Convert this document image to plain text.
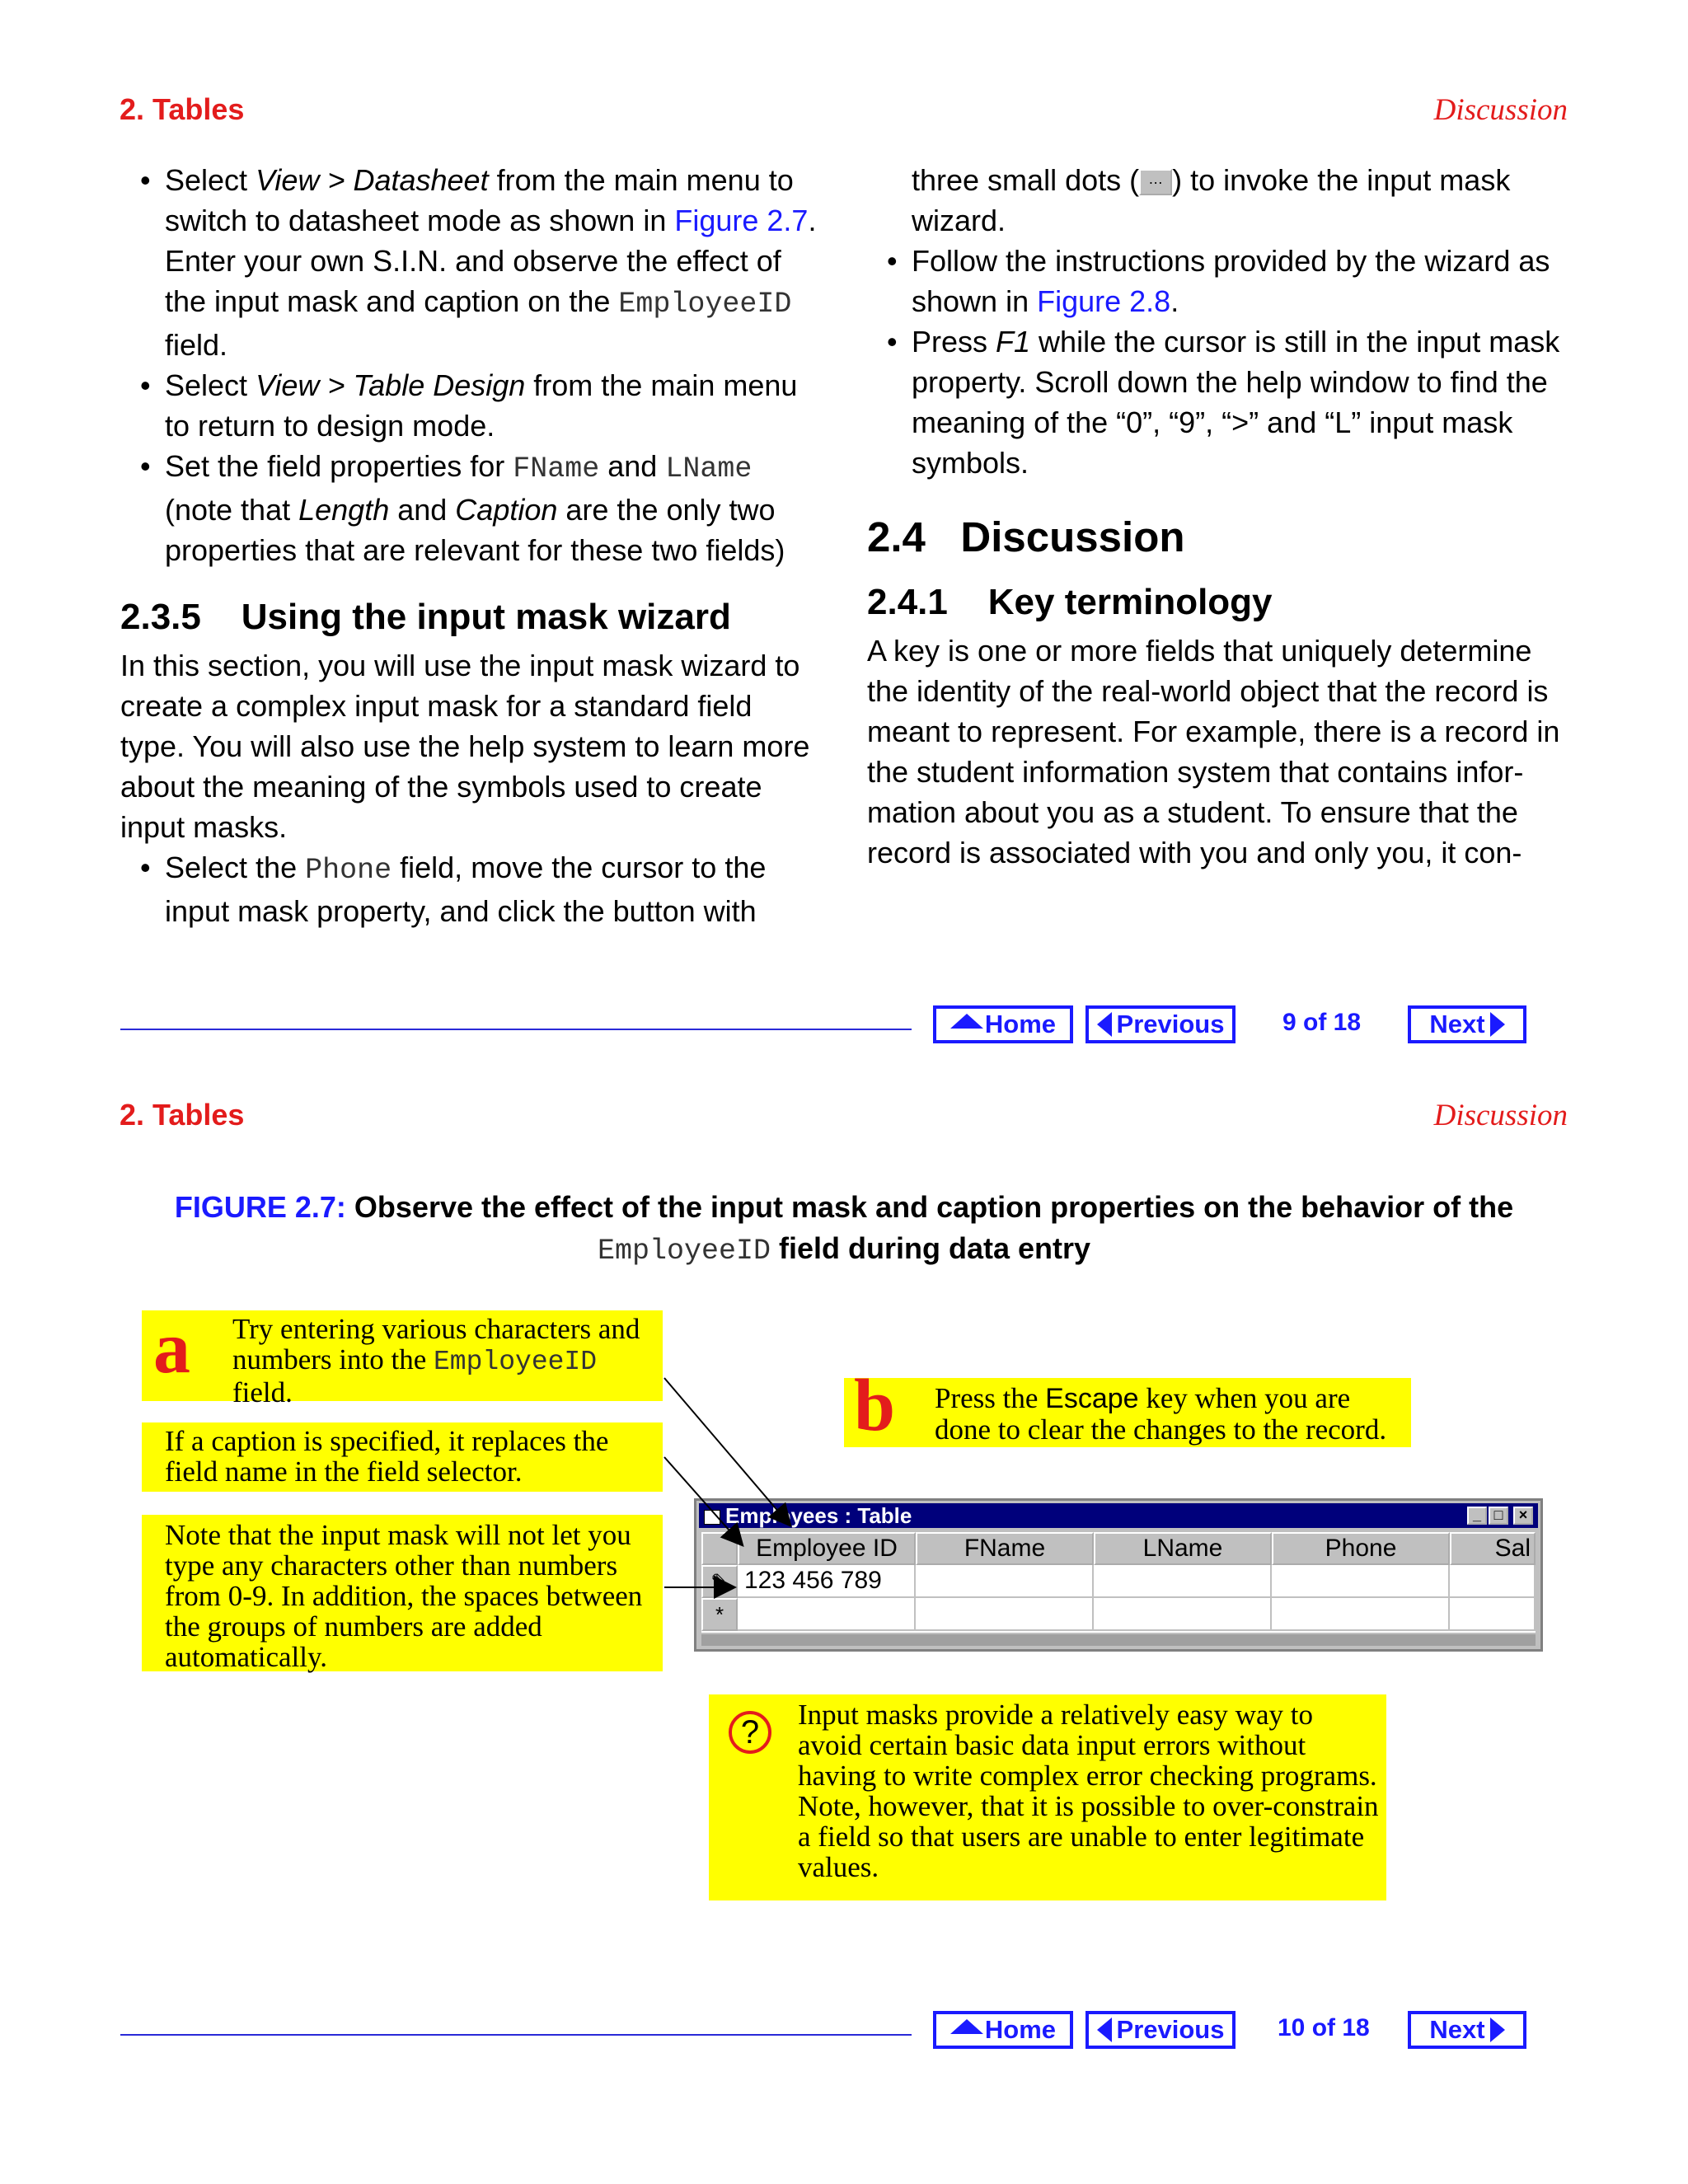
2. Tables	Discussion

• Select View > Datasheet from the main menu to switch to datasheet mode as shown in Figure 2.7. Enter your own S.I.N. and observe the effect of the input mask and caption on the EmployeeID field.

• Select View > Table Design from the main menu to return to design mode.

• Set the field properties for FName and LName (note that Length and Caption are the only two properties that are relevant for these two fields)

2.3.5 Using the input mask wizard

In this section, you will use the input mask wizard to create a complex input mask for a standard field type. You will also use the help system to learn more about the meaning of the symbols used to create input masks.

• Select the Phone field, move the cursor to the input mask property, and click the button with

three small dots ( … ) to invoke the input mask wizard.

• Follow the instructions provided by the wizard as shown in Figure 2.8.

• Press F1 while the cursor is still in the input mask property. Scroll down the help window to find the meaning of the “0”, “9”, “>” and “L” input mask symbols.

2.4 Discussion
2.4.1 Key terminology

A key is one or more fields that uniquely determine the identity of the real-world object that the record is meant to represent. For example, there is a record in the student information system that contains infor-mation about you as a student. To ensure that the record is associated with you and only you, it con-

Home Previous 9 of 18	Next
2. Tables	Discussion
FIGURE 2.7: Observe the effect of the input mask and caption properties on the behavior of the
EmployeeID field during data entry
Try entering various characters and numbers into the EmployeeID field.
a
If a caption is specified, it replaces the field name in the field selector.
Note that the input mask will not let you type any characters other than numbers from 0-9. In addition, the spaces between the groups of numbers are added automatically.
Press the Escape key when you are done to clear the changes to the record.
b
Employees : Table	_ □	×
Employee ID	FName	LName	Phone	Sal
✎ 123 456 789
*
Input masks provide a relatively easy way to avoid certain basic data input errors without having to write complex error checking programs. Note, however, that it is possible to over-constrain a field so that users are unable to enter legitimate values.
?
Home Previous 10 of 18 Next
